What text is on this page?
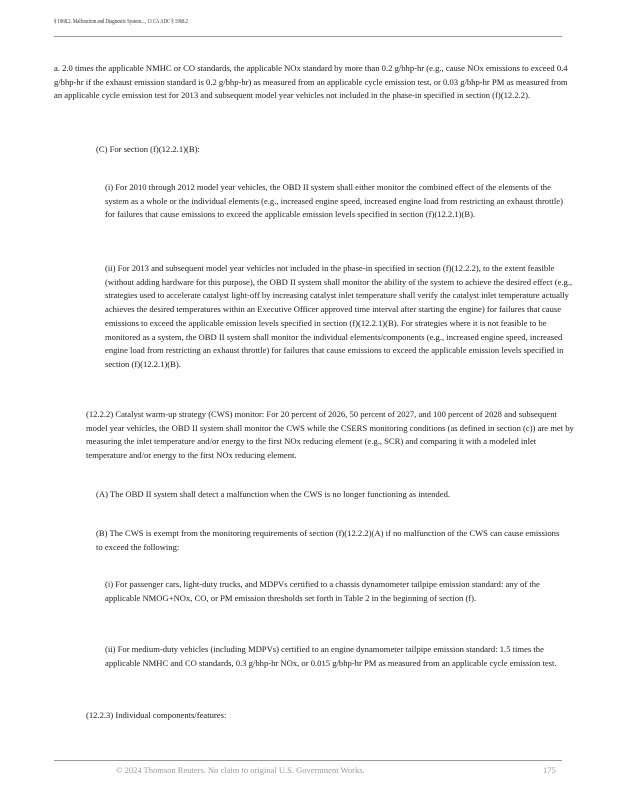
§ 1968.2. Malfunction and Diagnostic System..., 13 CA ADC § 1968.2

a. 2.0 times the applicable NMHC or CO standards, the applicable NOx standard by more than 0.2 g/bhp-hr (e.g., cause NOx emissions to exceed 0.4 g/bhp-hr if the exhaust emission standard is 0.2 g/bhp-hr) as measured from an applicable cycle emission test, or 0.03 g/bhp-hr PM as measured from an applicable cycle emission test for 2013 and subsequent model year vehicles not included in the phase-in specified in section (f)(12.2.2).

(C) For section (f)(12.2.1)(B):

(i) For 2010 through 2012 model year vehicles, the OBD II system shall either monitor the combined effect of the elements of the system as a whole or the individual elements (e.g., increased engine speed, increased engine load from restricting an exhaust throttle) for failures that cause emissions to exceed the applicable emission levels specified in section (f)(12.2.1)(B).

(ii) For 2013 and subsequent model year vehicles not included in the phase-in specified in section (f)(12.2.2), to the extent feasible (without adding hardware for this purpose), the OBD II system shall monitor the ability of the system to achieve the desired effect (e.g., strategies used to accelerate catalyst light-off by increasing catalyst inlet temperature shall verify the catalyst inlet temperature actually achieves the desired temperatures within an Executive Officer approved time interval after starting the engine) for failures that cause emissions to exceed the applicable emission levels specified in section (f)(12.2.1)(B). For strategies where it is not feasible to be monitored as a system, the OBD II system shall monitor the individual elements/components (e.g., increased engine speed, increased engine load from restricting an exhaust throttle) for failures that cause emissions to exceed the applicable emission levels specified in section (f)(12.2.1)(B).

(12.2.2) Catalyst warm-up strategy (CWS) monitor: For 20 percent of 2026, 50 percent of 2027, and 100 percent of 2028 and subsequent model year vehicles, the OBD II system shall monitor the CWS while the CSERS monitoring conditions (as defined in section (c)) are met by measuring the inlet temperature and/or energy to the first NOx reducing element (e.g., SCR) and comparing it with a modeled inlet temperature and/or energy to the first NOx reducing element.

(A) The OBD II system shall detect a malfunction when the CWS is no longer functioning as intended.

(B) The CWS is exempt from the monitoring requirements of section (f)(12.2.2)(A) if no malfunction of the CWS can cause emissions to exceed the following:

(i) For passenger cars, light-duty trucks, and MDPVs certified to a chassis dynamometer tailpipe emission standard: any of the applicable NMOG+NOx, CO, or PM emission thresholds set forth in Table 2 in the beginning of section (f).

(ii) For medium-duty vehicles (including MDPVs) certified to an engine dynamometer tailpipe emission standard: 1.5 times the applicable NMHC and CO standards, 0.3 g/bhp-hr NOx, or 0.015 g/bhp-hr PM as measured from an applicable cycle emission test.

(12.2.3) Individual components/features:

© 2024 Thomson Reuters. No claim to original U.S. Government Works.	175
